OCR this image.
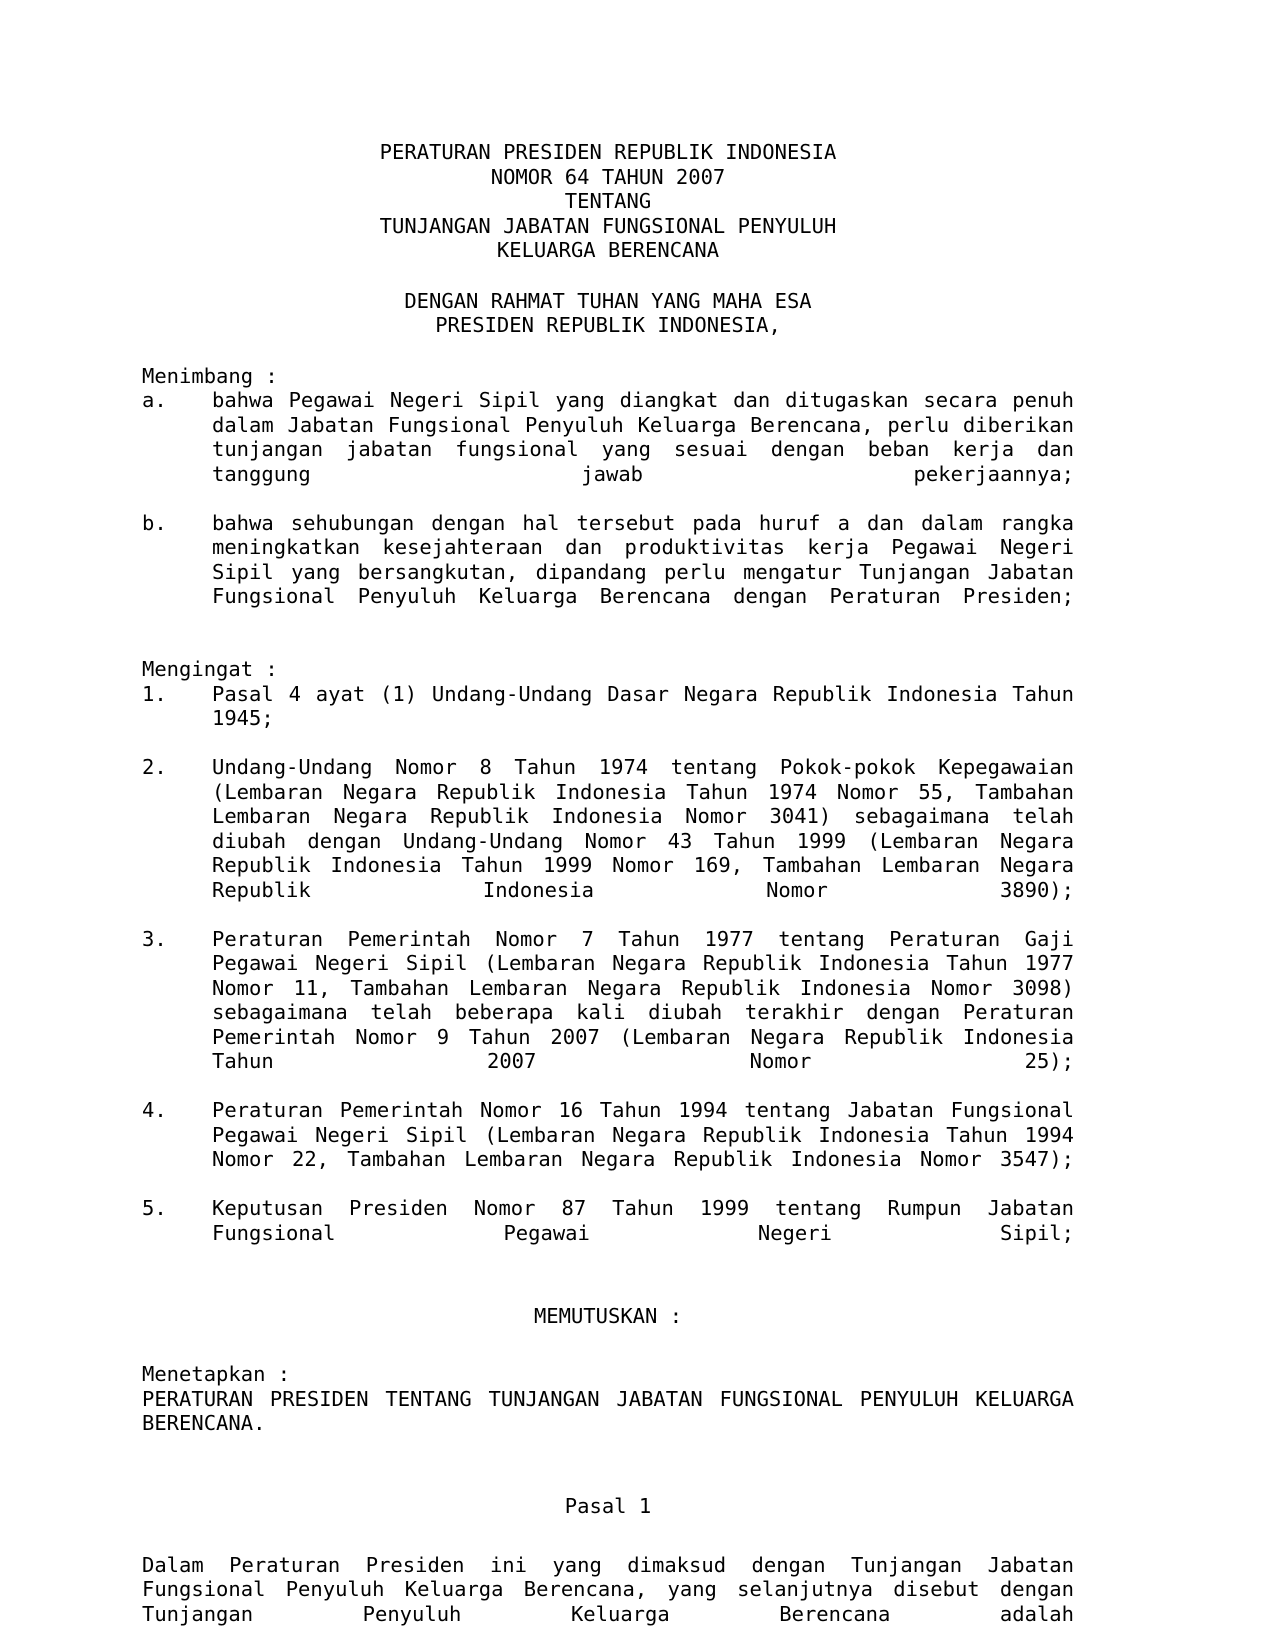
PERATURAN PRESIDEN REPUBLIK INDONESIA
NOMOR 64 TAHUN 2007
TENTANG
TUNJANGAN JABATAN FUNGSIONAL PENYULUH
KELUARGA BERENCANA
DENGAN RAHMAT TUHAN YANG MAHA ESA
PRESIDEN REPUBLIK INDONESIA,
Menimbang :
a.	bahwa Pegawai Negeri Sipil yang diangkat dan ditugaskan secara penuh dalam Jabatan Fungsional Penyuluh Keluarga Berencana, perlu diberikan tunjangan jabatan fungsional yang sesuai dengan beban kerja dan tanggung jawab pekerjaannya;
b.	bahwa sehubungan dengan hal tersebut pada huruf a dan dalam rangka meningkatkan kesejahteraan dan produktivitas kerja Pegawai Negeri Sipil yang bersangkutan, dipandang perlu mengatur Tunjangan Jabatan Fungsional Penyuluh Keluarga Berencana dengan Peraturan Presiden;
Mengingat :
1.	Pasal 4 ayat (1) Undang-Undang Dasar Negara Republik Indonesia Tahun 1945;
2.	Undang-Undang Nomor 8 Tahun 1974 tentang Pokok-pokok Kepegawaian (Lembaran Negara Republik Indonesia Tahun 1974 Nomor 55, Tambahan Lembaran Negara Republik Indonesia Nomor 3041) sebagaimana telah diubah dengan Undang-Undang Nomor 43 Tahun 1999 (Lembaran Negara Republik Indonesia Tahun 1999 Nomor 169, Tambahan Lembaran Negara Republik Indonesia Nomor 3890);
3.	Peraturan Pemerintah Nomor 7 Tahun 1977 tentang Peraturan Gaji Pegawai Negeri Sipil (Lembaran Negara Republik Indonesia Tahun 1977 Nomor 11, Tambahan Lembaran Negara Republik Indonesia Nomor 3098) sebagaimana telah beberapa kali diubah terakhir dengan Peraturan Pemerintah Nomor 9 Tahun 2007 (Lembaran Negara Republik Indonesia Tahun 2007 Nomor 25);
4.	Peraturan Pemerintah Nomor 16 Tahun 1994 tentang Jabatan Fungsional Pegawai Negeri Sipil (Lembaran Negara Republik Indonesia Tahun 1994 Nomor 22, Tambahan Lembaran Negara Republik Indonesia Nomor 3547);
5.	Keputusan Presiden Nomor 87 Tahun 1999 tentang Rumpun Jabatan Fungsional Pegawai Negeri Sipil;
MEMUTUSKAN :
Menetapkan :
PERATURAN PRESIDEN TENTANG TUNJANGAN JABATAN FUNGSIONAL PENYULUH KELUARGA BERENCANA.
Pasal 1
Dalam Peraturan Presiden ini yang dimaksud dengan Tunjangan Jabatan Fungsional Penyuluh Keluarga Berencana, yang selanjutnya disebut dengan Tunjangan Penyuluh Keluarga Berencana adalah
